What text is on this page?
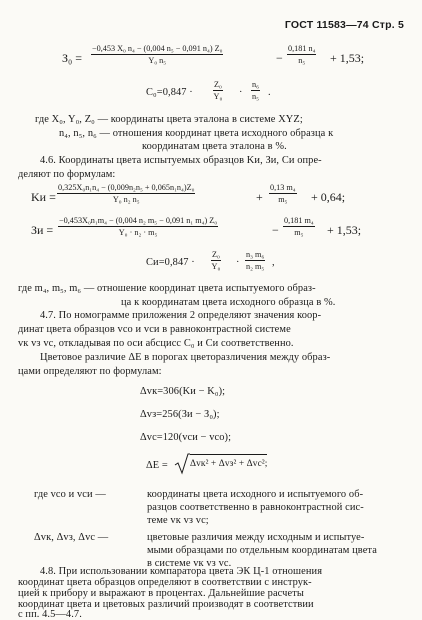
ГОСТ 11583—74 Стр. 5
$З_0 = \frac{\text{−0,453 X₀ n₄ − (0,004 n₅ − 0,091 n₄) Z₀}}{\text{Y₀ n₅}}$	− $\frac{\text{0,181 n₄}}{\text{n₅}} + 1,53$;
$C_0=0,847 \cdot \frac{\text{Z₀}}{\text{Y₀}} \cdot \frac{\text{n₆}}{\text{n₅}}$ .
где X₀, Y₀, Z₀ — координаты цвета эталона в системе XYZ;
n₄, n₅, n₆ — отношения координат цвета исходного образца к
координатам цвета эталона в %.
4.6. Координаты цвета испытуемых образцов Kи, Зи, Cи опре-
деляют по формулам:
Kи = $\frac{\text{0,325X₀n₁n₄ − (0,009n₂n₅ + 0,065n₁n₄)Z₀}}{\text{Y₀ n₂ n₅}}$	+ $\frac{\text{0,13 m₄}}{\text{m₅}} + 0,64$;
Зи = $\frac{\text{−0,453X₀n₁m₄ − (0,004 n₂ m₅ − 0,091 n₁ m₄) Z₀}}{\text{Y₀ · n₂ · m₅}}$	− $\frac{\text{0,181 m₄}}{\text{m₅}} + 1,53$;
$Cи=0,847 \cdot \frac{\text{Z₀}}{\text{Y₀}} \cdot \frac{\text{n₃ m₆}}{\text{n₂ m₅}}$ ,
где m₄, m₅, m₆ — отношение координат цвета испытуемого образ-
ца к координатам цвета исходного образца в %.
4.7. По номограмме приложения 2 определяют значения коор-
динат цвета образцов vco и vcи в равноконтрастной системе
vк vз vc, откладывая по оси абсцисс C₀ и Cи соответственно.
Цветовое различие ΔE в порогах цветоразличения между образ-
цами определяют по формулам:
Δvк=306(Kи − K₀);
Δvз=256(Зи − З₀);
Δvc=120(vcи − vco);
ΔE = Δvк² + Δvз² + Δvc²;
где vco и vcи —	координаты цвета исходного и испытуемого об-
разцов соответственно в равноконтрастной сис-
теме vк vз vc;
Δvк, Δvз, Δvc —	цветовые различия между исходным и испытуе-
мыми образцами по отдельным координатам цвета
в системе vк vз vc.
4.8. При использовании компаратора цвета ЭК Ц-1 отношения
координат цвета образцов определяют в соответствии с инструк-
цией к прибору и выражают в процентах. Дальнейшие расчеты
координат цвета и цветовых различий производят в соответствии
с пп. 4.5—4.7.
